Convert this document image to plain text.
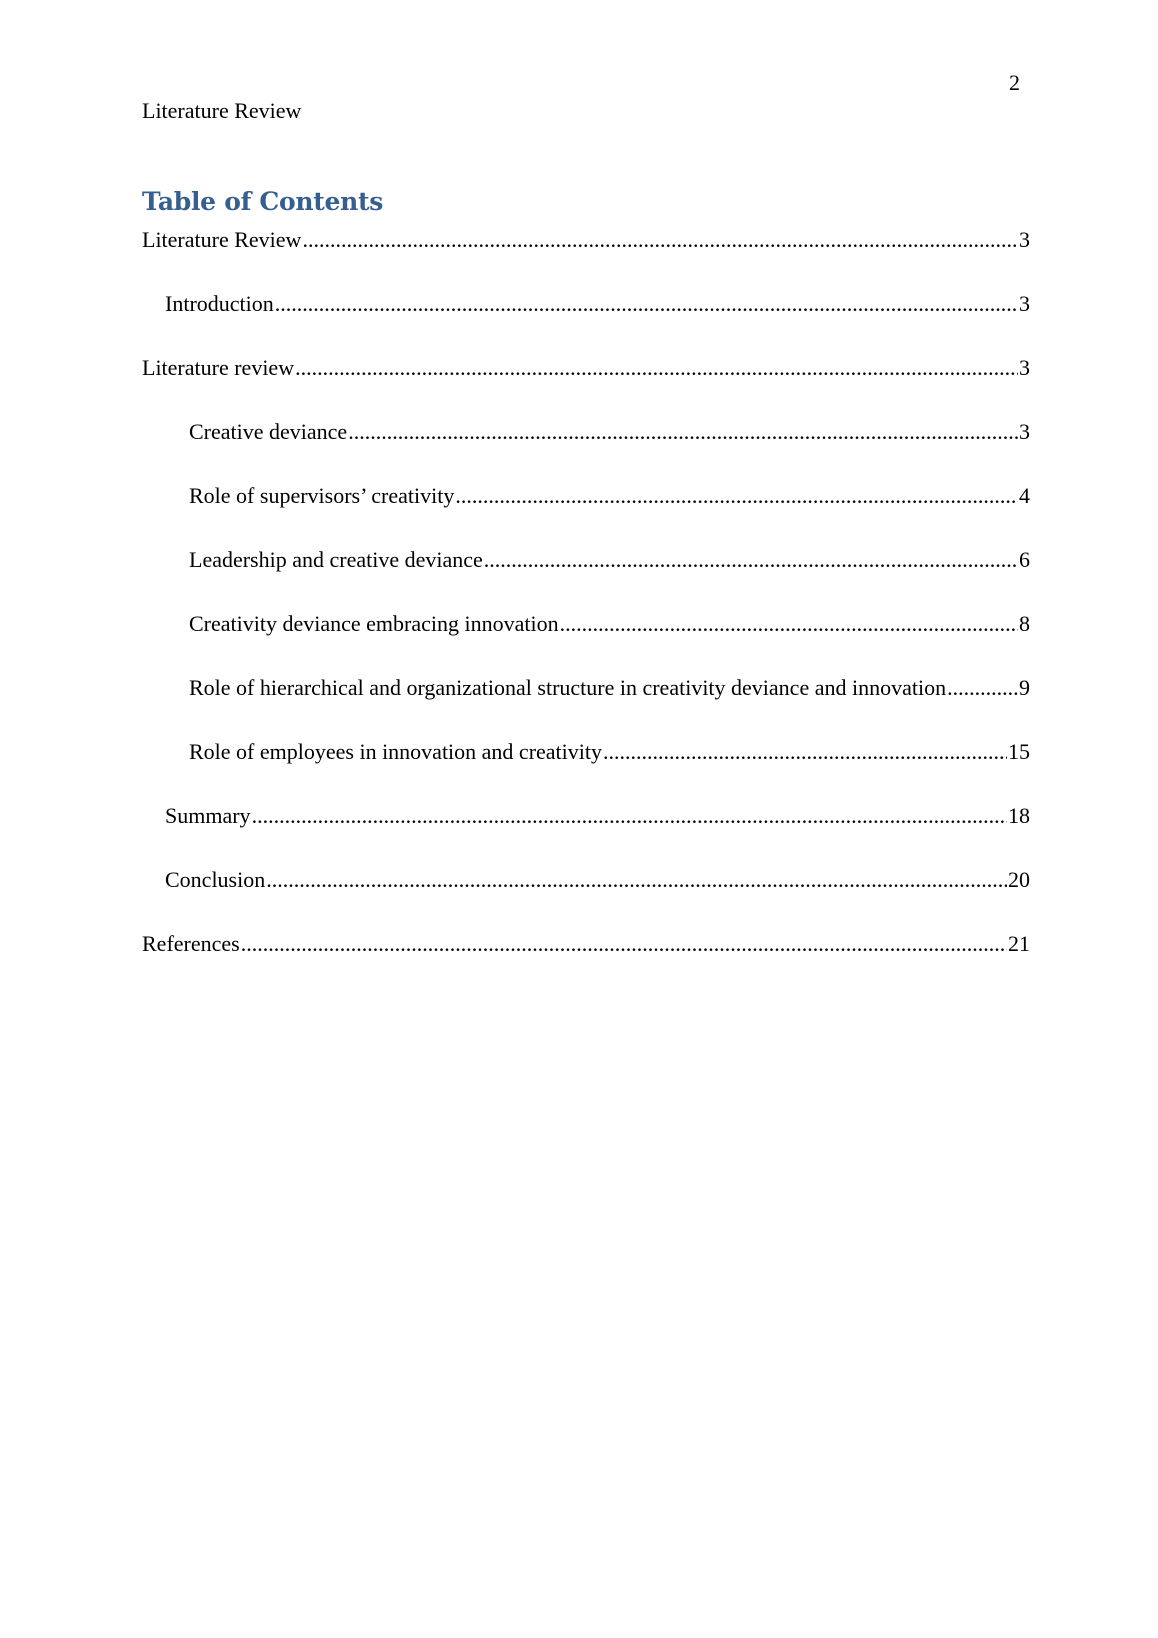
2
Literature Review
Table of Contents
Literature Review .....	3
Introduction .....	3
Literature review .....	3
Creative deviance .....	3
Role of supervisors’ creativity .....	4
Leadership and creative deviance .....	6
Creativity deviance embracing innovation .....	8
Role of hierarchical and organizational structure in creativity deviance and innovation .....	9
Role of employees in innovation and creativity .....	15
Summary .....	18
Conclusion .....	20
References .....	21
